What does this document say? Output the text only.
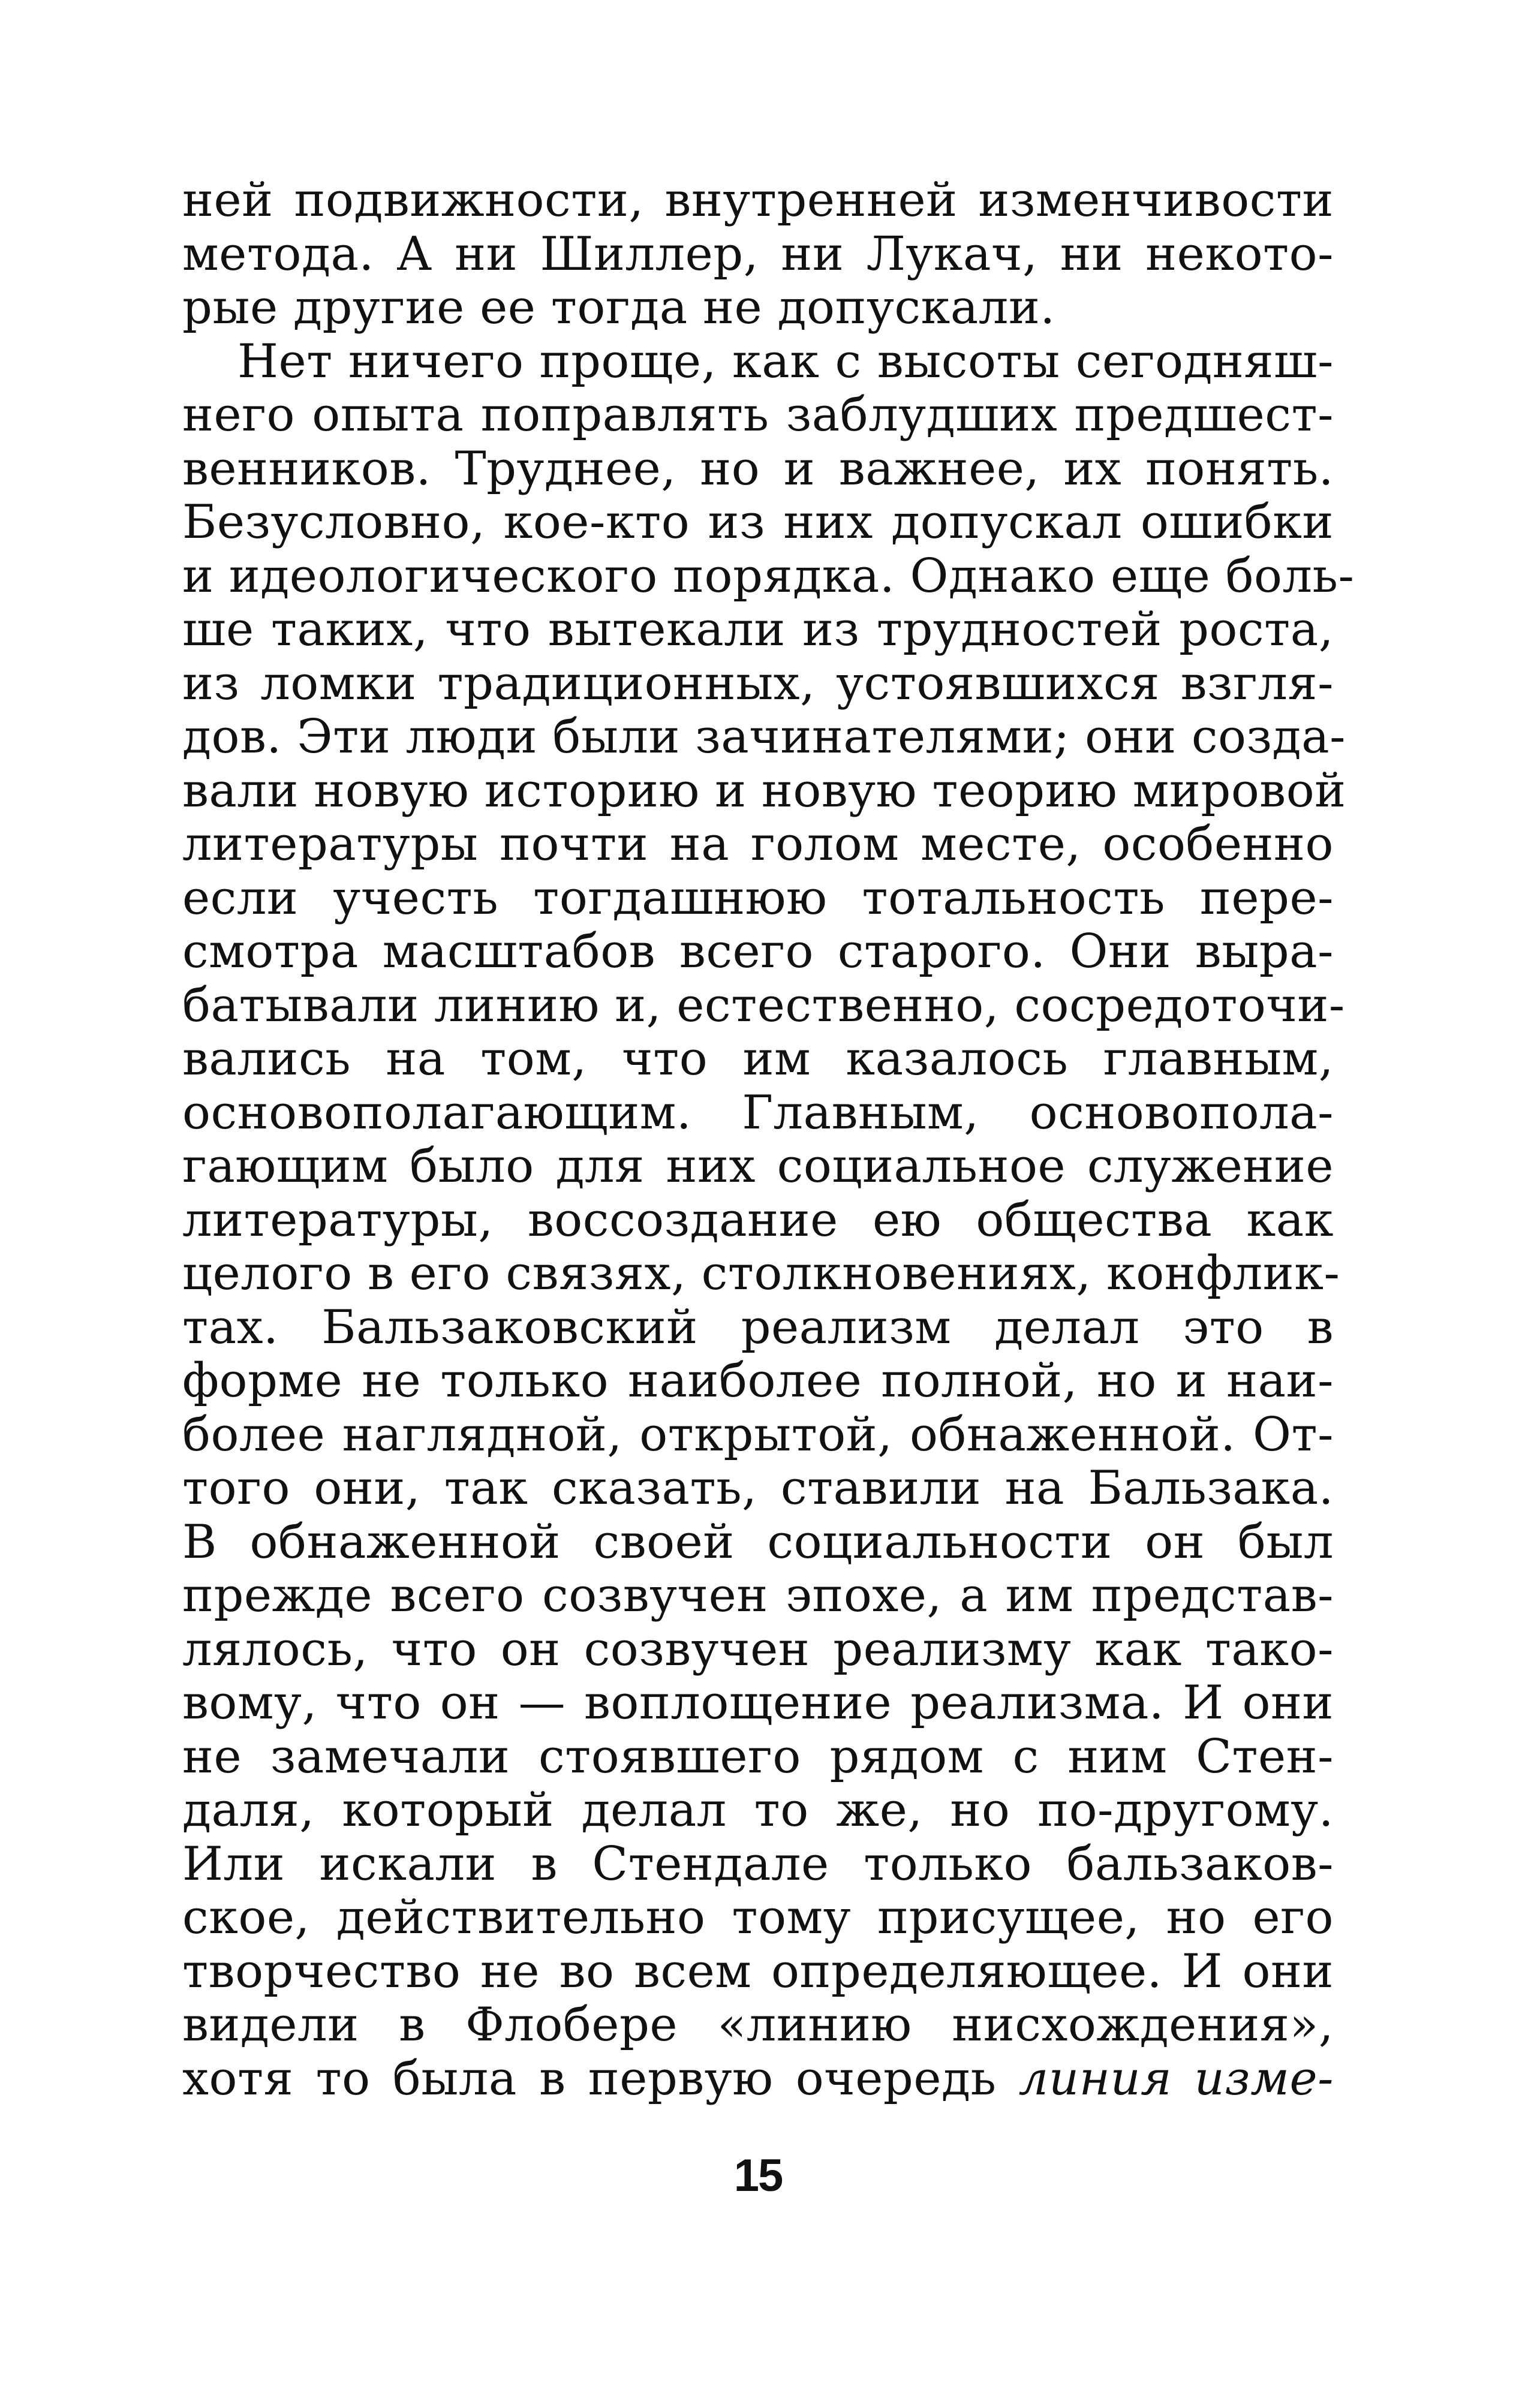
ней подвижности, внутренней изменчивости
метода. А ни Шиллер, ни Лукач, ни некото-
рые другие ее тогда не допускали.
Нет ничего проще, как с высоты сегодняш-
него опыта поправлять заблудших предшест-
венников. Труднее, но и важнее, их понять.
Безусловно, кое-кто из них допускал ошибки
и идеологического порядка. Однако еще боль-
ше таких, что вытекали из трудностей роста,
из ломки традиционных, устоявшихся взгля-
дов. Эти люди были зачинателями; они созда-
вали новую историю и новую теорию мировой
литературы почти на голом месте, особенно
если учесть тогдашнюю тотальность пере-
смотра масштабов всего старого. Они выра-
батывали линию и, естественно, сосредоточи-
вались на том, что им казалось главным,
основополагающим. Главным, основопола-
гающим было для них социальное служение
литературы, воссоздание ею общества как
целого в его связях, столкновениях, конфлик-
тах. Бальзаковский реализм делал это в
форме не только наиболее полной, но и наи-
более наглядной, открытой, обнаженной. От-
того они, так сказать, ставили на Бальзака.
В обнаженной своей социальности он был
прежде всего созвучен эпохе, а им представ-
лялось, что он созвучен реализму как тако-
вому, что он — воплощение реализма. И они
не замечали стоявшего рядом с ним Стен-
даля, который делал то же, но по-другому.
Или искали в Стендале только бальзаков-
ское, действительно тому присущее, но его
творчество не во всем определяющее. И они
видели в Флобере «линию нисхождения»,
хотя то была в первую очередь линия изме-
15
